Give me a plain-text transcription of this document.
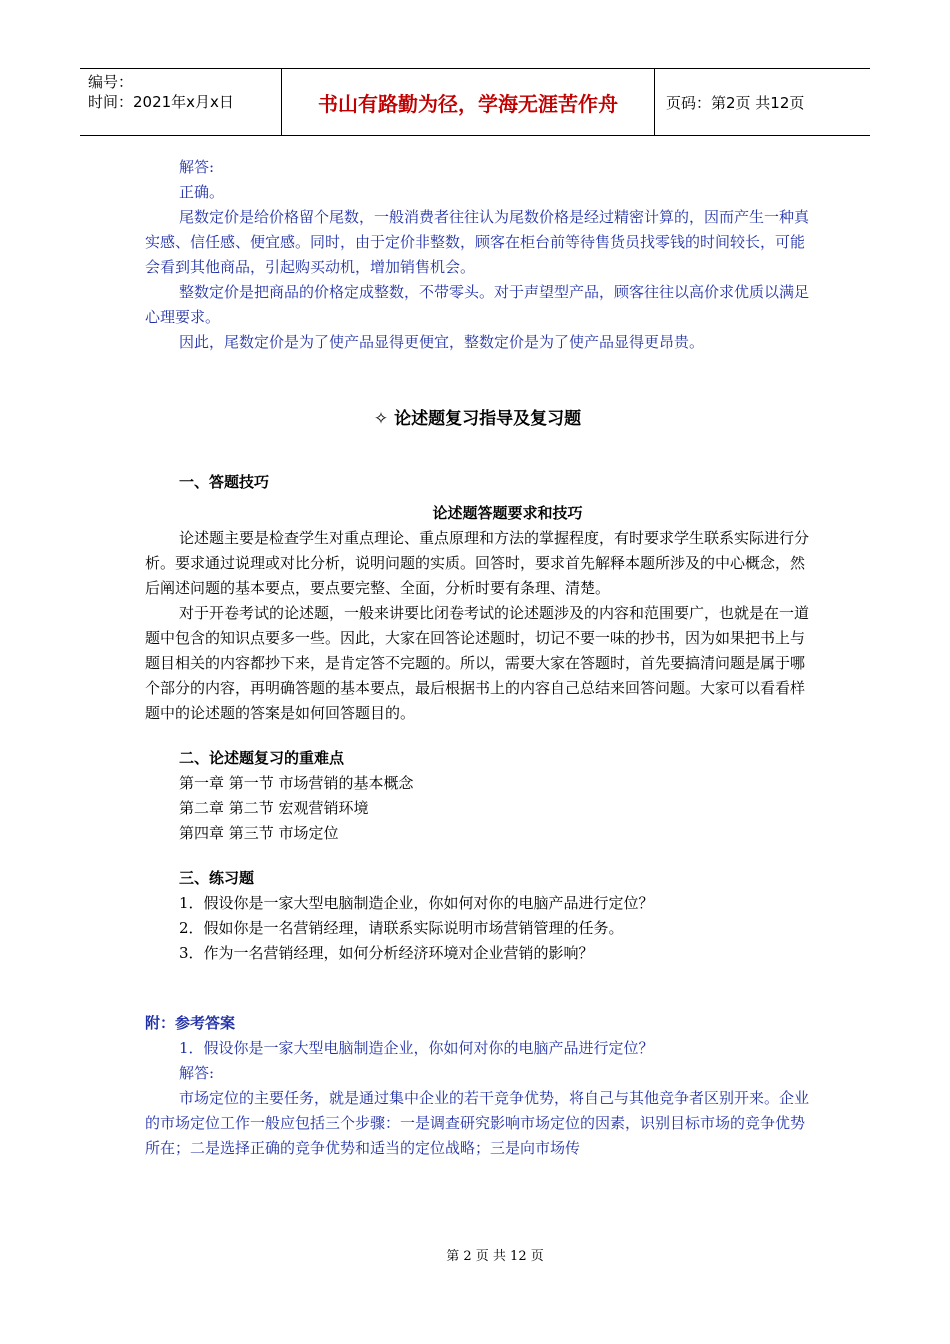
编号：
时间：2021年x月x日	书山有路勤为径，学海无涯苦作舟	页码：第2页 共12页

解答:

正确。

尾数定价是给价格留个尾数，一般消费者往往认为尾数价格是经过精密计算的，因而产生一种真实感、信任感、便宜感。同时，由于定价非整数，顾客在柜台前等待售货员找零钱的时间较长，可能会看到其他商品，引起购买动机，增加销售机会。

整数定价是把商品的价格定成整数，不带零头。对于声望型产品，顾客往往以高价求优质以满足心理要求。

因此，尾数定价是为了使产品显得更便宜，整数定价是为了使产品显得更昂贵。

✧ 论述题复习指导及复习题

一、答题技巧

论述题答题要求和技巧

论述题主要是检查学生对重点理论、重点原理和方法的掌握程度，有时要求学生联系实际进行分析。要求通过说理或对比分析，说明问题的实质。回答时，要求首先解释本题所涉及的中心概念，然后阐述问题的基本要点，要点要完整、全面，分析时要有条理、清楚。

对于开卷考试的论述题，一般来讲要比闭卷考试的论述题涉及的内容和范围要广，也就是在一道题中包含的知识点要多一些。因此，大家在回答论述题时，切记不要一味的抄书，因为如果把书上与题目相关的内容都抄下来，是肯定答不完题的。所以，需要大家在答题时，首先要搞清问题是属于哪个部分的内容，再明确答题的基本要点，最后根据书上的内容自己总结来回答问题。大家可以看看样题中的论述题的答案是如何回答题目的。

二、论述题复习的重难点

第一章 第一节 市场营销的基本概念

第二章 第二节 宏观营销环境

第四章 第三节 市场定位

三、练习题

1．假设你是一家大型电脑制造企业，你如何对你的电脑产品进行定位？

2．假如你是一名营销经理，请联系实际说明市场营销管理的任务。

3．作为一名营销经理，如何分析经济环境对企业营销的影响？

附：参考答案

1．假设你是一家大型电脑制造企业，你如何对你的电脑产品进行定位？

解答:

市场定位的主要任务，就是通过集中企业的若干竞争优势，将自己与其他竞争者区别开来。企业的市场定位工作一般应包括三个步骤：一是调查研究影响市场定位的因素，识别目标市场的竞争优势所在；二是选择正确的竞争优势和适当的定位战略；三是向市场传

第 2 页 共 12 页
